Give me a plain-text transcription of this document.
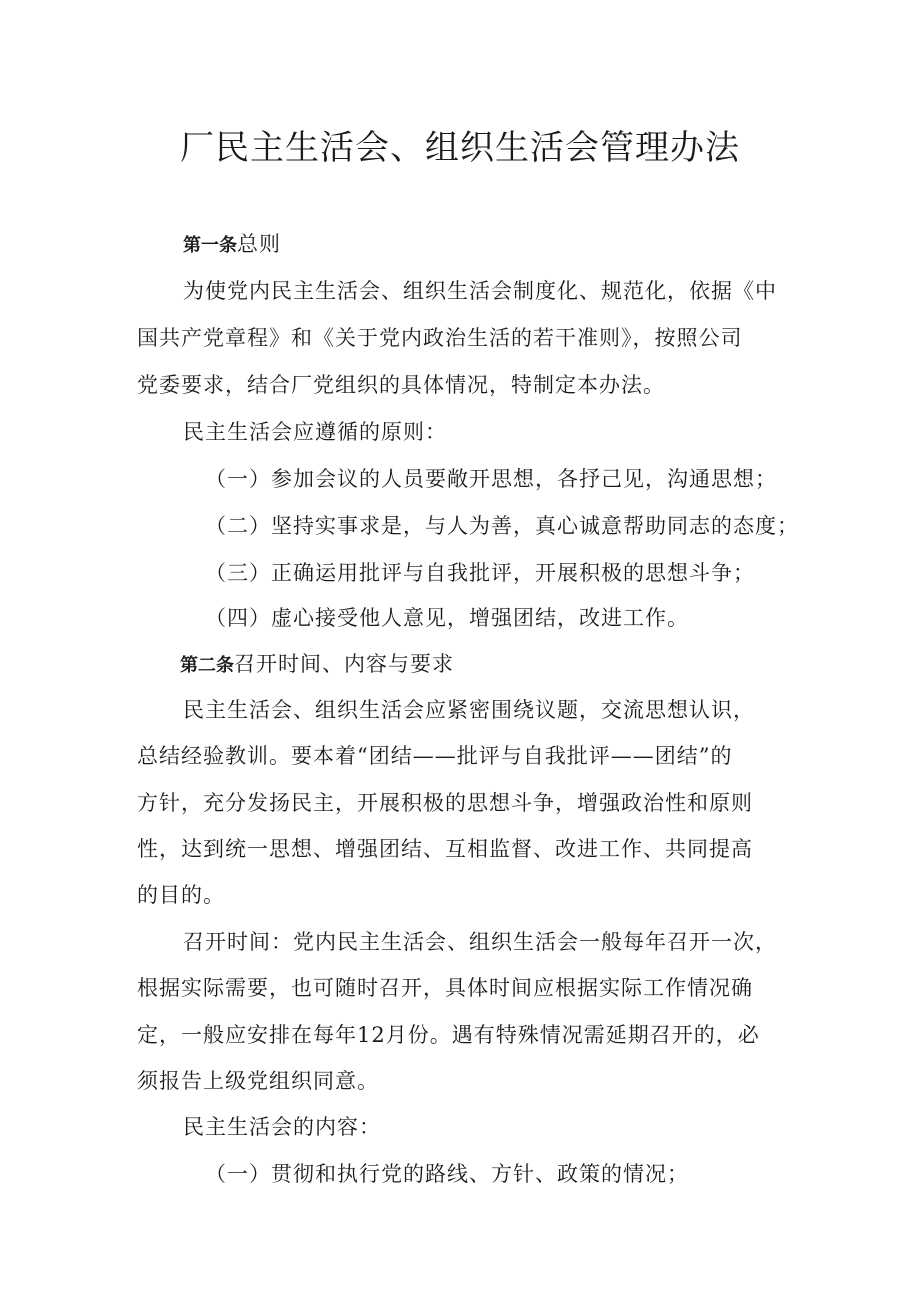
厂民主生活会、组织生活会管理办法
第一条总则
为使党内民主生活会、组织生活会制度化、规范化，依据《中
国共产党章程》和《关于党内政治生活的若干准则》，按照公司
党委要求，结合厂党组织的具体情况，特制定本办法。
民主生活会应遵循的原则：
（一）参加会议的人员要敞开思想，各抒己见，沟通思想；
（二）坚持实事求是，与人为善，真心诚意帮助同志的态度；
（三）正确运用批评与自我批评，开展积极的思想斗争；
（四）虚心接受他人意见，增强团结，改进工作。
第二条召开时间、内容与要求
民主生活会、组织生活会应紧密围绕议题，交流思想认识，
总结经验教训。要本着“团结——批评与自我批评——团结”的
方针，充分发扬民主，开展积极的思想斗争，增强政治性和原则
性，达到统一思想、增强团结、互相监督、改进工作、共同提高
的目的。
召开时间：党内民主生活会、组织生活会一般每年召开一次，
根据实际需要，也可随时召开，具体时间应根据实际工作情况确
定，一般应安排在每年12月份。遇有特殊情况需延期召开的，必
须报告上级党组织同意。
民主生活会的内容：
（一）贯彻和执行党的路线、方针、政策的情况；
